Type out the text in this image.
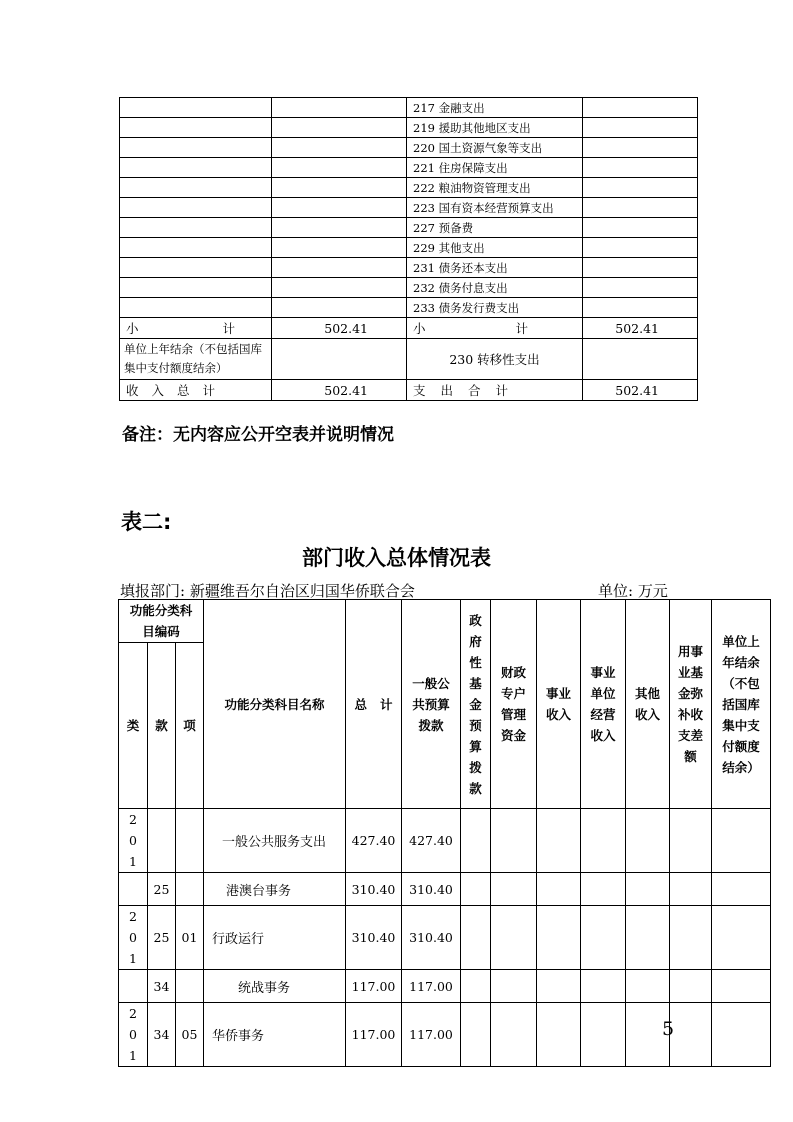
		217 金融支出	
		219 援助其他地区支出	
		220 国土资源气象等支出	
		221 住房保障支出	
		222 粮油物资管理支出	
		223 国有资本经营预算支出	
		227 预备费	
		229 其他支出	
		231 债务还本支出	
		232 债务付息支出	
		233 债务发行费支出	

小 计	502.41	小 计	502.41
单位上年结余（不包括国库集中支付额度结余）		230 转移性支出	

收 入 总 计	502.41	支 出 合 计	502.41
备注：无内容应公开空表并说明情况
表二:
部门收入总体情况表
填报部门: 新疆维吾尔自治区归国华侨联合会	单位: 万元
功能分类科目编码			功能分类科目名称	总 计	一般公共预算拨款	政府性基金预算拨款	财政专户管理资金	事业收入	事业单位经营收入	其他收入	用事业基金弥补收支差额	单位上年结余（不包括国库集中支付额度结余）
类	款	项										
201			一般公共服务支出	427.40	427.40							
	25		港澳台事务	310.40	310.40							
201	25	01	行政运行	310.40	310.40							
	34		统战事务	117.00	117.00							
201	34	05	华侨事务	117.00	117.00								5
